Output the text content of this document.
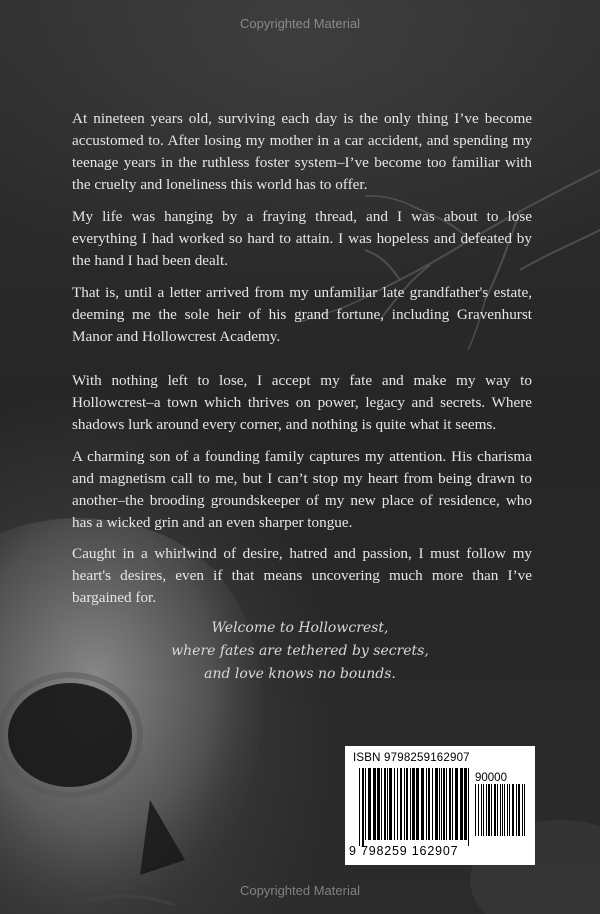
Copyrighted Material

At nineteen years old, surviving each day is the only thing I’ve become accustomed to. After losing my mother in a car accident, and spending my teenage years in the ruthless foster system–I’ve become too familiar with the cruelty and loneliness this world has to offer.

My life was hanging by a fraying thread, and I was about to lose everything I had worked so hard to attain. I was hopeless and defeated by the hand I had been dealt.

That is, until a letter arrived from my unfamiliar late grandfather's estate, deeming me the sole heir of his grand fortune, including Gravenhurst Manor and Hollowcrest Academy.

With nothing left to lose, I accept my fate and make my way to Hollowcrest–a town which thrives on power, legacy and secrets. Where shadows lurk around every corner, and nothing is quite what it seems.

A charming son of a founding family captures my attention. His charisma and magnetism call to me, but I can’t stop my heart from being drawn to another–the brooding groundskeeper of my new place of residence, who has a wicked grin and an even sharper tongue.

Caught in a whirlwind of desire, hatred and passion, I must follow my heart's desires, even if that means uncovering much more than I’ve bargained for.

Welcome to Hollowcrest,
where fates are tethered by secrets,
and love knows no bounds.
ISBN 9798259162907
90000
9 798259 162907
Copyrighted Material
